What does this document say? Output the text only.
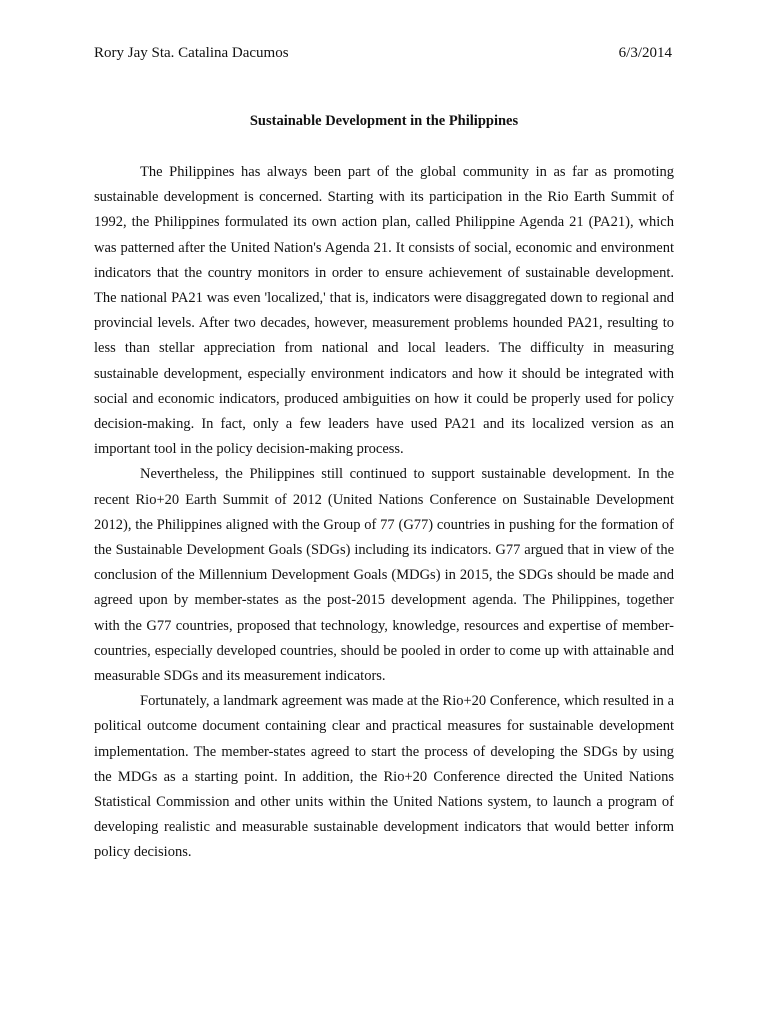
Rory Jay Sta. Catalina Dacumos	6/3/2014
Sustainable Development in the Philippines

The Philippines has always been part of the global community in as far as promoting sustainable development is concerned. Starting with its participation in the Rio Earth Summit of 1992, the Philippines formulated its own action plan, called Philippine Agenda 21 (PA21), which was patterned after the United Nation's Agenda 21. It consists of social, economic and environment indicators that the country monitors in order to ensure achievement of sustainable development. The national PA21 was even 'localized,' that is, indicators were disaggregated down to regional and provincial levels. After two decades, however, measurement problems hounded PA21, resulting to less than stellar appreciation from national and local leaders. The difficulty in measuring sustainable development, especially environment indicators and how it should be integrated with social and economic indicators, produced ambiguities on how it could be properly used for policy decision-making. In fact, only a few leaders have used PA21 and its localized version as an important tool in the policy decision-making process.

Nevertheless, the Philippines still continued to support sustainable development. In the recent Rio+20 Earth Summit of 2012 (United Nations Conference on Sustainable Development 2012), the Philippines aligned with the Group of 77 (G77) countries in pushing for the formation of the Sustainable Development Goals (SDGs) including its indicators. G77 argued that in view of the conclusion of the Millennium Development Goals (MDGs) in 2015, the SDGs should be made and agreed upon by member-states as the post-2015 development agenda. The Philippines, together with the G77 countries, proposed that technology, knowledge, resources and expertise of member-countries, especially developed countries, should be pooled in order to come up with attainable and measurable SDGs and its measurement indicators.

Fortunately, a landmark agreement was made at the Rio+20 Conference, which resulted in a political outcome document containing clear and practical measures for sustainable development implementation. The member-states agreed to start the process of developing the SDGs by using the MDGs as a starting point. In addition, the Rio+20 Conference directed the United Nations Statistical Commission and other units within the United Nations system, to launch a program of developing realistic and measurable sustainable development indicators that would better inform policy decisions.
